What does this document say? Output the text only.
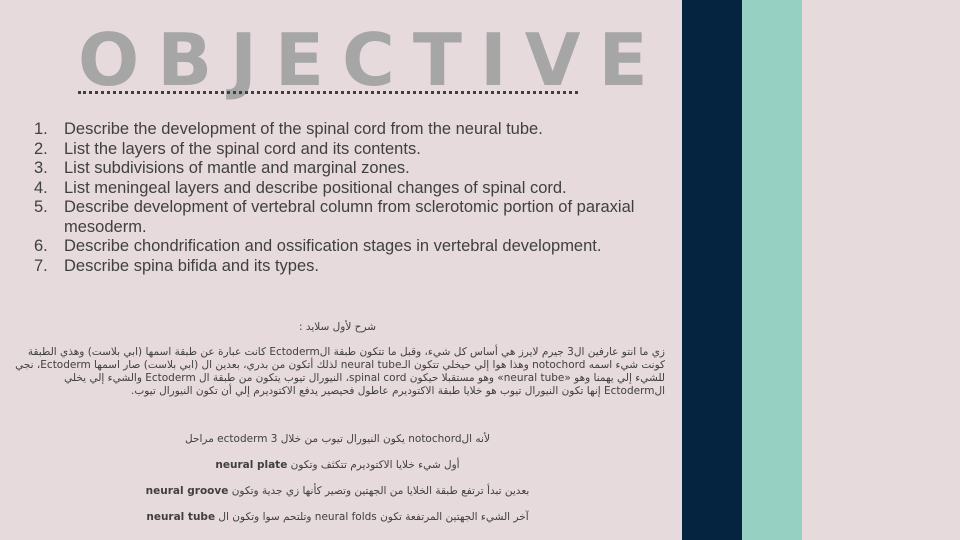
OBJECTIVE
1. Describe the development of the spinal cord from the neural tube.
2. List the layers of the spinal cord and its contents.
3. List subdivisions of mantle and marginal zones.
4. List meningeal layers and describe positional changes of spinal cord.
5. Describe development of vertebral column from sclerotomic portion of paraxial mesoderm.
6. Describe chondrification and ossification stages in vertebral development.
7. Describe spina bifida and its types.

شرح لأول سلايد :

زي ما انتو عارفين ال3 جيرم لايرز هي أساس كل شيء، وقبل ما تتكون طبقة الEctoderm كانت عبارة عن طبقة اسمها (ابي بلاست) وهذي الطبقة كونت شيء اسمه notochord وهذا هوا إلي حيخلي تتكون الـneural tube لذلك أتكون من بدري، بعدين ال (ابي بلاست) صار اسمها Ectoderm، نجي للشيء إلي يهمنا وهو «neural tube» وهو مستقبلا حيكون spinal cord، النيورال تيوب يتكون من طبقة ال Ectoderm والشيء إلي يخلي الEctoderm إنها تكون النيورال تيوب هو خلايا طبقة الاكتوديرم عاطول فحيصير يدفع الاكتوديرم إلي أن تكون النيورال تيوب.

لأنه الnotochord يكون النيورال تيوب من خلال ectoderm 3 مراحل

أول شيء خلايا الاكتوديرم تتكثف وتكون neural plate

بعدين تبدأ ترتفع طبقة الخلايا من الجهتين وتصير كأنها زي جدية وتكون neural groove

آخر الشيء الجهتين المرتفعة تكون neural folds وتلتحم سوا وتكون ال neural tube
